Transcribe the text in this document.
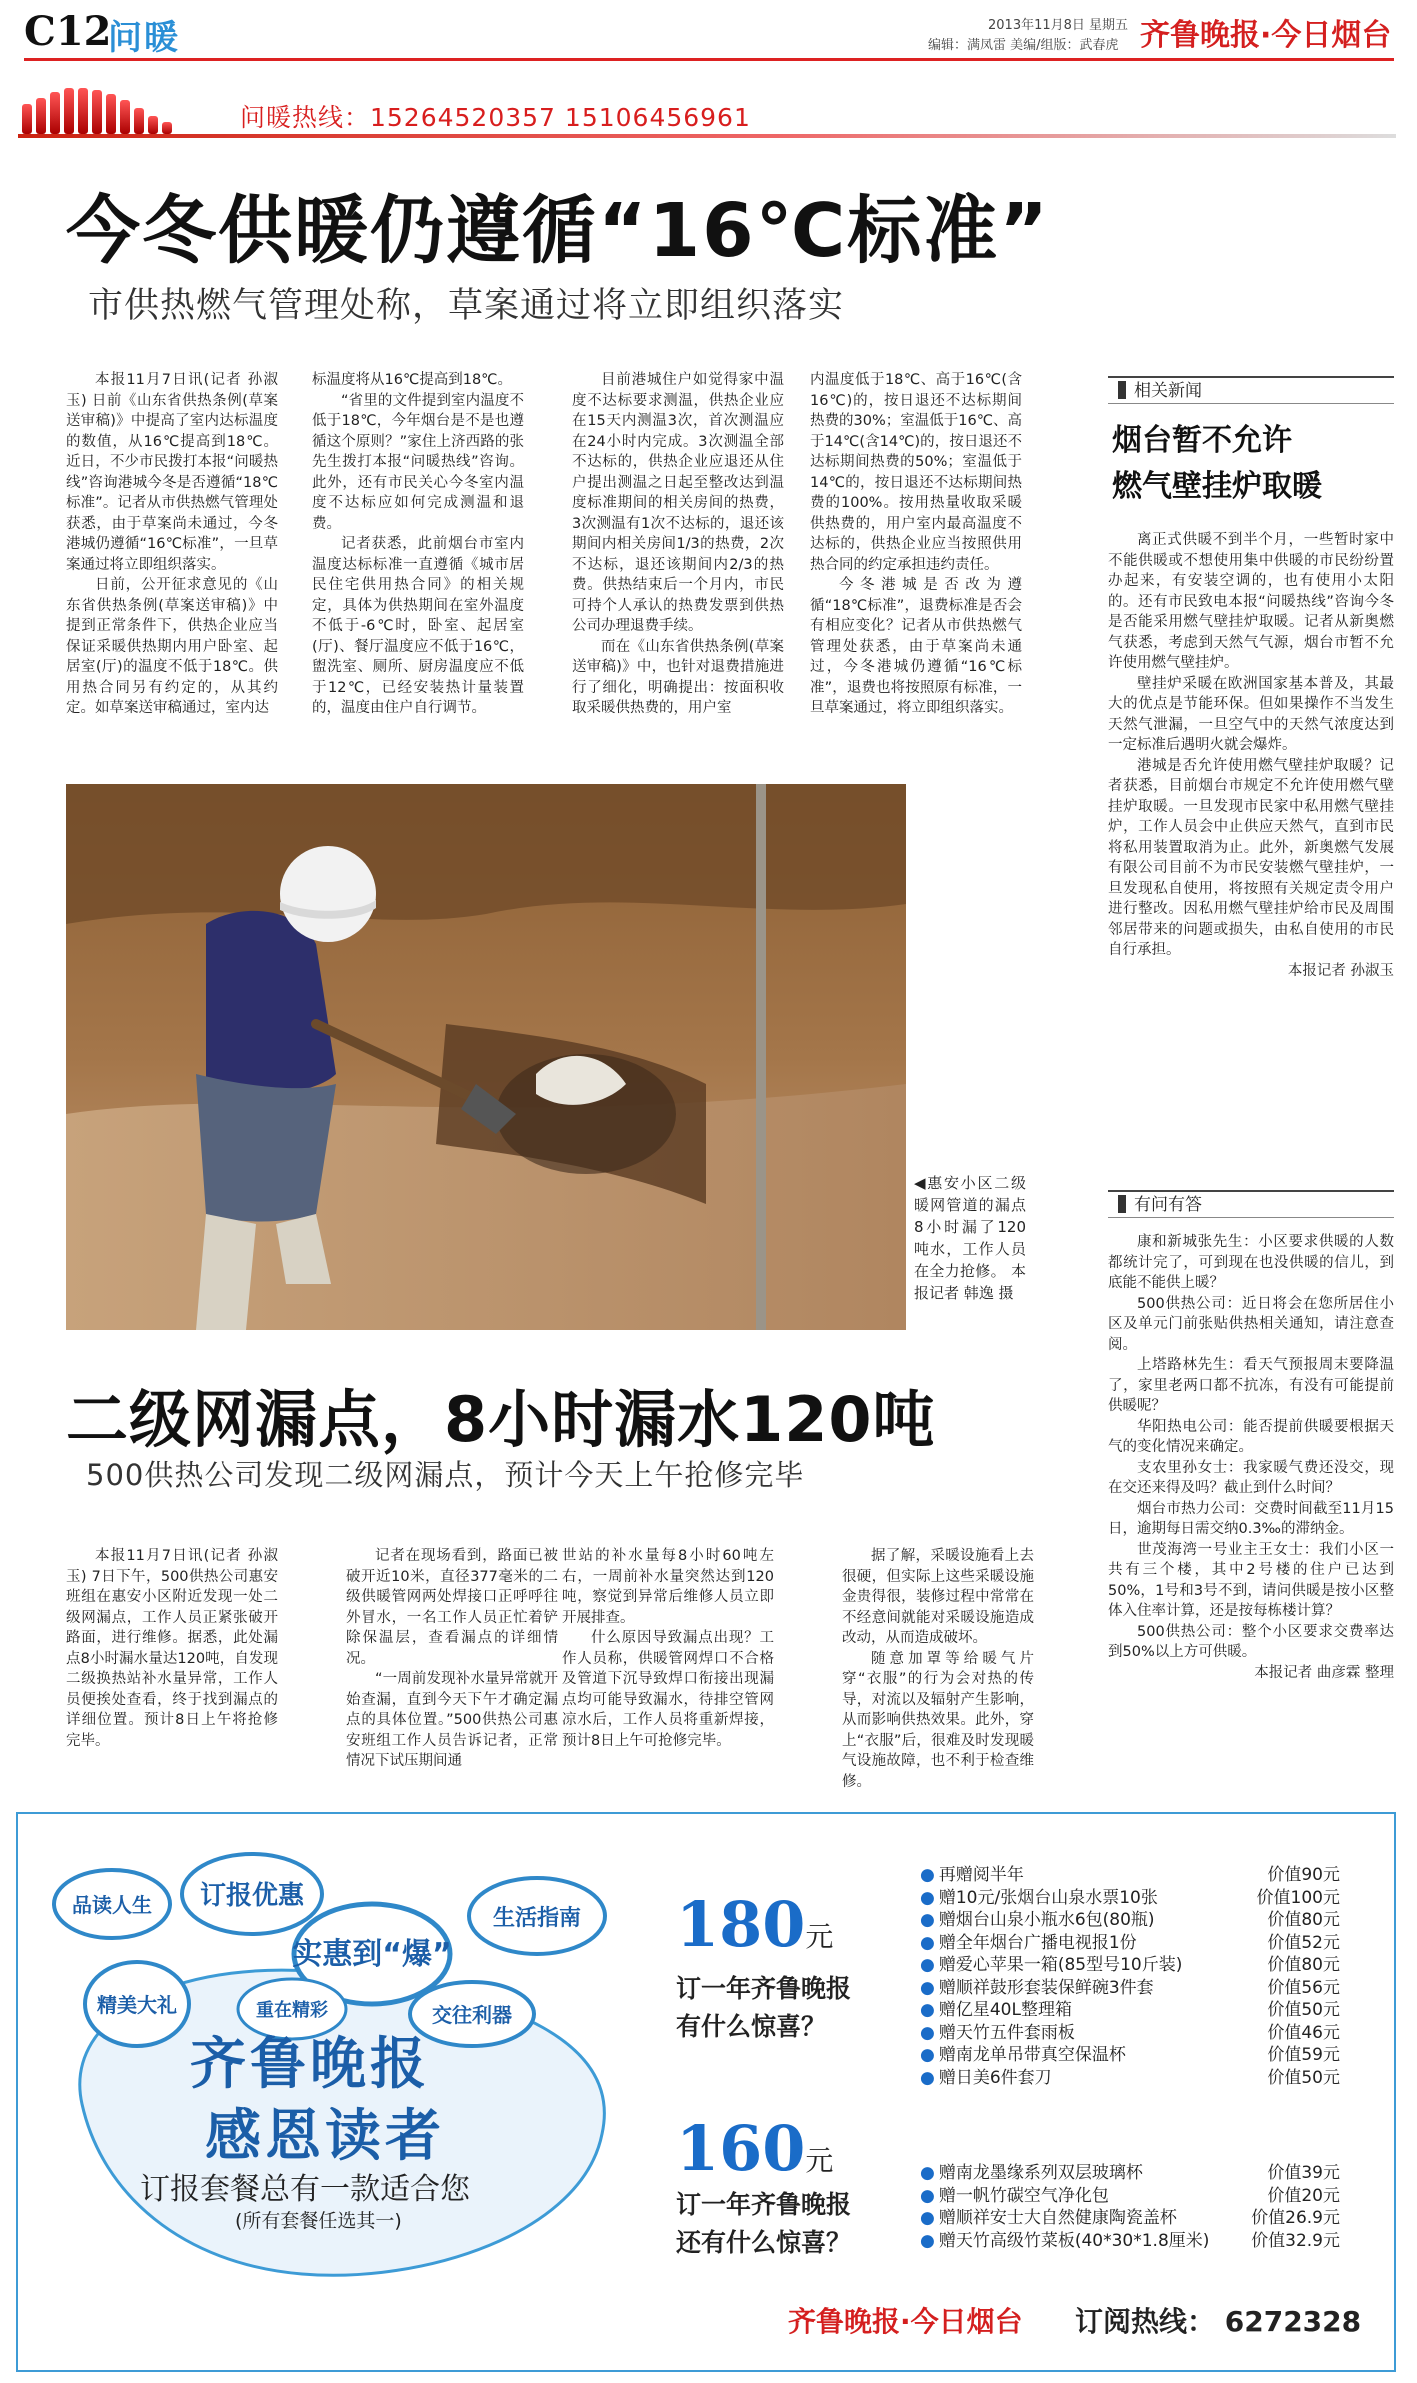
C12
问暖	2013年11月8日 星期五
编辑：满凤雷 美编/组版：武春虎 齐鲁晚报·今日烟台
问暖热线：15264520357 15106456961
今冬供暖仍遵循“16℃标准”
市供热燃气管理处称，草案通过将立即组织落实

本报11月7日讯(记者 孙淑玉) 日前《山东省供热条例(草案送审稿)》中提高了室内达标温度的数值，从16℃提高到18℃。近日，不少市民拨打本报“问暖热线”咨询港城今冬是否遵循“18℃标准”。记者从市供热燃气管理处获悉，由于草案尚未通过，今冬港城仍遵循“16℃标准”，一旦草案通过将立即组织落实。

日前，公开征求意见的《山东省供热条例(草案送审稿)》中提到正常条件下，供热企业应当保证采暖供热期内用户卧室、起居室(厅)的温度不低于18℃。供用热合同另有约定的，从其约定。如草案送审稿通过，室内达

标温度将从16℃提高到18℃。

“省里的文件提到室内温度不低于18℃，今年烟台是不是也遵循这个原则？”家住上济西路的张先生拨打本报“问暖热线”咨询。此外，还有市民关心今冬室内温度不达标应如何完成测温和退费。

记者获悉，此前烟台市室内温度达标标准一直遵循《城市居民住宅供用热合同》的相关规定，具体为供热期间在室外温度不低于-6℃时，卧室、起居室(厅)、餐厅温度应不低于16℃，盥洗室、厕所、厨房温度应不低于12℃，已经安装热计量装置的，温度由住户自行调节。

目前港城住户如觉得家中温度不达标要求测温，供热企业应在15天内测温3次，首次测温应在24小时内完成。3次测温全部不达标的，供热企业应退还从住户提出测温之日起至整改达到温度标准期间的相关房间的热费，3次测温有1次不达标的，退还该期间内相关房间1/3的热费，2次不达标，退还该期间内2/3的热费。供热结束后一个月内，市民可持个人承认的热费发票到供热公司办理退费手续。

而在《山东省供热条例(草案送审稿)》中，也针对退费措施进行了细化，明确提出：按面积收取采暖供热费的，用户室

内温度低于18℃、高于16℃(含16℃)的，按日退还不达标期间热费的30%；室温低于16℃、高于14℃(含14℃)的，按日退还不达标期间热费的50%；室温低于14℃的，按日退还不达标期间热费的100%。按用热量收取采暖供热费的，用户室内最高温度不达标的，供热企业应当按照供用热合同的约定承担违约责任。

今冬港城是否改为遵循“18℃标准”，退费标准是否会有相应变化？记者从市供热燃气管理处获悉，由于草案尚未通过，今冬港城仍遵循“16℃标准”，退费也将按照原有标准，一旦草案通过，将立即组织落实。

◀惠安小区二级暖网管道的漏点8小时漏了120吨水，工作人员在全力抢修。 本报记者 韩逸 摄
二级网漏点，8小时漏水120吨
500供热公司发现二级网漏点，预计今天上午抢修完毕

本报11月7日讯(记者 孙淑玉) 7日下午，500供热公司惠安班组在惠安小区附近发现一处二级网漏点，工作人员正紧张破开路面，进行维修。据悉，此处漏点8小时漏水量达120吨，自发现二级换热站补水量异常，工作人员便挨处查看，终于找到漏点的详细位置。预计8日上午将抢修完毕。

记者在现场看到，路面已被破开近10米，直径377毫米的二级供暖管网两处焊接口正呼呼往外冒水，一名工作人员正忙着铲除保温层，查看漏点的详细情况。

“一周前发现补水量异常就开始查漏，直到今天下午才确定漏点的具体位置。”500供热公司惠安班组工作人员告诉记者，正常情况下试压期间通

世站的补水量每8小时60吨左右，一周前补水量突然达到120吨，察觉到异常后维修人员立即开展排查。

什么原因导致漏点出现？工作人员称，供暖管网焊口不合格及管道下沉导致焊口衔接出现漏点均可能导致漏水，待排空管网凉水后，工作人员将重新焊接，预计8日上午可抢修完毕。

据了解，采暖设施看上去很硬，但实际上这些采暖设施金贵得很，装修过程中常常在不经意间就能对采暖设施造成改动，从而造成破坏。

随意加罩等给暖气片穿“衣服”的行为会对热的传导，对流以及辐射产生影响，从而影响供热效果。此外，穿上“衣服”后，很难及时发现暖气设施故障，也不利于检查维修。

相关新闻
烟台暂不允许
燃气壁挂炉取暖

离正式供暖不到半个月，一些暂时家中不能供暖或不想使用集中供暖的市民纷纷置办起来，有安装空调的，也有使用小太阳的。还有市民致电本报“问暖热线”咨询今冬是否能采用燃气壁挂炉取暖。记者从新奥燃气获悉，考虑到天然气气源，烟台市暂不允许使用燃气壁挂炉。

壁挂炉采暖在欧洲国家基本普及，其最大的优点是节能环保。但如果操作不当发生天然气泄漏，一旦空气中的天然气浓度达到一定标准后遇明火就会爆炸。

港城是否允许使用燃气壁挂炉取暖？记者获悉，目前烟台市规定不允许使用燃气壁挂炉取暖。一旦发现市民家中私用燃气壁挂炉，工作人员会中止供应天然气，直到市民将私用装置取消为止。此外，新奥燃气发展有限公司目前不为市民安装燃气壁挂炉，一旦发现私自使用，将按照有关规定责令用户进行整改。因私用燃气壁挂炉给市民及周围邻居带来的问题或损失，由私自使用的市民自行承担。

本报记者 孙淑玉

有问有答

康和新城张先生：小区要求供暖的人数都统计完了，可到现在也没供暖的信儿，到底能不能供上暖？

500供热公司：近日将会在您所居住小区及单元门前张贴供热相关通知，请注意查阅。

上塔路林先生：看天气预报周末要降温了，家里老两口都不抗冻，有没有可能提前供暖呢？

华阳热电公司：能否提前供暖要根据天气的变化情况来确定。

支农里孙女士：我家暖气费还没交，现在交还来得及吗？截止到什么时间？

烟台市热力公司：交费时间截至11月15日，逾期每日需交纳0.3‰的滞纳金。

世茂海湾一号业主王女士：我们小区一共有三个楼，其中2号楼的住户已达到50%，1号和3号不到，请问供暖是按小区整体入住率计算，还是按每栋楼计算？

500供热公司：整个小区要求交费率达到50%以上方可供暖。

本报记者 曲彦霖 整理

品读人生 订报优惠
实惠到“爆”
生活指南
精美大礼	重在精彩	交往利器
齐鲁晚报
感恩读者
订报套餐总有一款适合您
(所有套餐任选其一)
180元
订一年齐鲁晚报
有什么惊喜？
● 再赠阅半年	价值90元
● 赠10元/张烟台山泉水票10张	价值100元
● 赠烟台山泉小瓶水6包(80瓶)	价值80元
● 赠全年烟台广播电视报1份	价值52元
● 赠爱心苹果一箱(85型号10斤装)	价值80元
● 赠顺祥鼓形套装保鲜碗3件套	价值56元
● 赠亿星40L整理箱	价值50元
● 赠天竹五件套雨板	价值46元
● 赠南龙单吊带真空保温杯	价值59元
● 赠日美6件套刀	价值50元
160元
订一年齐鲁晚报
还有什么惊喜？
● 赠南龙墨缘系列双层玻璃杯	价值39元
● 赠一帆竹碳空气净化包	价值20元
● 赠顺祥安士大自然健康陶瓷盖杯	价值26.9元
● 赠天竹高级竹菜板(40*30*1.8厘米) 价值32.9元
齐鲁晚报·今日烟台 订阅热线： 6272328
